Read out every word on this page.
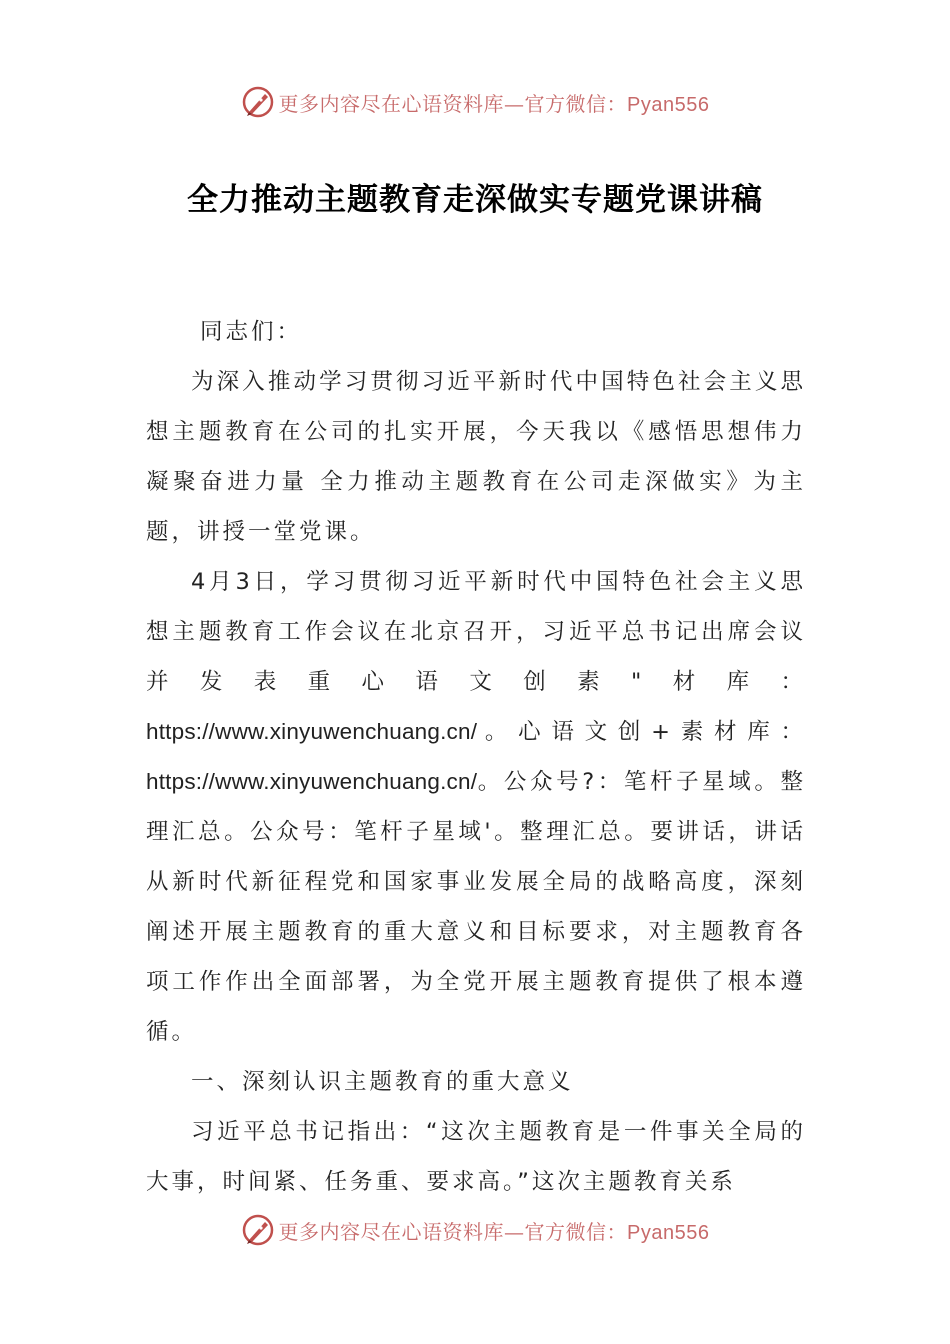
更多内容尽在心语资料库—官方微信：Pyan556
全力推动主题教育走深做实专题党课讲稿

同志们：

为深入推动学习贯彻习近平新时代中国特色社会主义思想主题教育在公司的扎实开展，今天我以《感悟思想伟力 凝聚奋进力量 全力推动主题教育在公司走深做实》为主题，讲授一堂党课。

4月3日，学习贯彻习近平新时代中国特色社会主义思想主题教育工作会议在北京召开，习近平总书记出席会议并发表重心语文创素"材库： https://www.xinyuwenchuang.cn/。心语文创+素材库： https://www.xinyuwenchuang.cn/。公众号?：笔杆子星域。整理汇总。公众号：笔杆子星域'。整理汇总。要讲话，讲话从新时代新征程党和国家事业发展全局的战略高度，深刻阐述开展主题教育的重大意义和目标要求，对主题教育各项工作作出全面部署，为全党开展主题教育提供了根本遵循。

一、深刻认识主题教育的重大意义

习近平总书记指出：“这次主题教育是一件事关全局的大事，时间紧、任务重、要求高。”这次主题教育关系

更多内容尽在心语资料库—官方微信：Pyan556
